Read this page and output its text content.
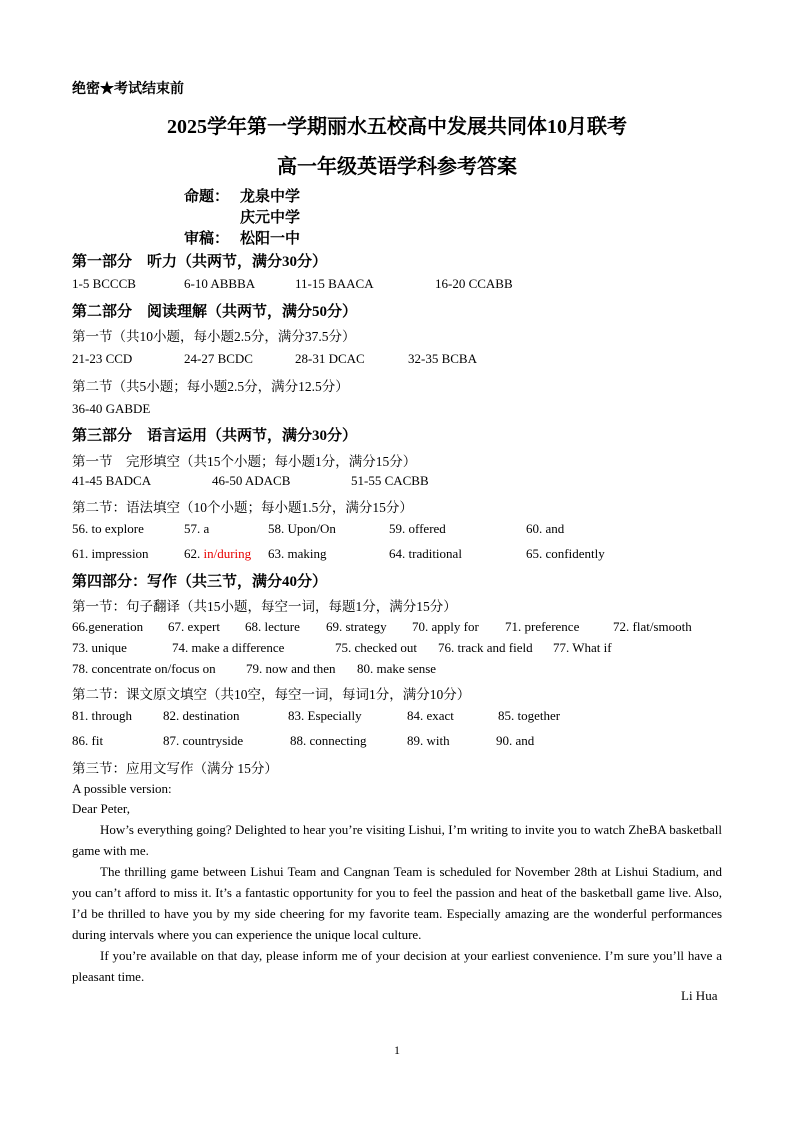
绝密★考试结束前
2025学年第一学期丽水五校高中发展共同体10月联考
高一年级英语学科参考答案
命题： 龙泉中学
庆元中学
审稿： 松阳一中
第一部分　听力（共两节，满分30分）
1-5 BCCCB	6-10 ABBBA	11-15 BAACA	16-20 CCABB
第二部分　阅读理解（共两节，满分50分）
第一节（共10小题，每小题2.5分，满分37.5分）
21-23 CCD	24-27 BCDC	28-31 DCAC	32-35 BCBA
第二节（共5小题；每小题2.5分，满分12.5分）
36-40 GABDE
第三部分　语言运用（共两节，满分30分）
第一节　完形填空（共15个小题；每小题1分，满分15分）
41-45 BADCA	46-50 ADACB	51-55 CACBB
第二节：语法填空（10个小题；每小题1.5分，满分15分）
56. to explore	57. a	58. Upon/On	59. offered	60. and
61. impression	62. in/during 63. making	64. traditional	65. confidently
第四部分：写作（共三节，满分40分）
第一节：句子翻译（共15小题，每空一词，每题1分，满分15分）
66.generation 67. expert 68. lecture 69. strategy 70. apply for 71. preference	72. flat/smooth
73. unique	74. make a difference	75. checked out 76. track and field 77. What if
78. concentrate on/focus on 79. now and then 80. make sense
第二节：课文原文填空（共10空，每空一词，每词1分，满分10分）
81. through 82. destination	83. Especially	84. exact	85. together
86. fit	87. countryside	88. connecting	89. with	90. and
第三节：应用文写作（满分 15分）
A possible version:
Dear Peter,
How’s everything going? Delighted to hear you’re visiting Lishui, I’m writing to invite you to watch ZheBA basketball game with me.
The thrilling game between Lishui Team and Cangnan Team is scheduled for November 28th at Lishui Stadium, and you can’t afford to miss it. It’s a fantastic opportunity for you to feel the passion and heat of the basketball game live. Also, I’d be thrilled to have you by my side cheering for my favorite team. Especially amazing are the wonderful performances during intervals where you can experience the unique local culture.
If you’re available on that day, please inform me of your decision at your earliest convenience. I’m sure you’ll have a pleasant time.
Li Hua
1
